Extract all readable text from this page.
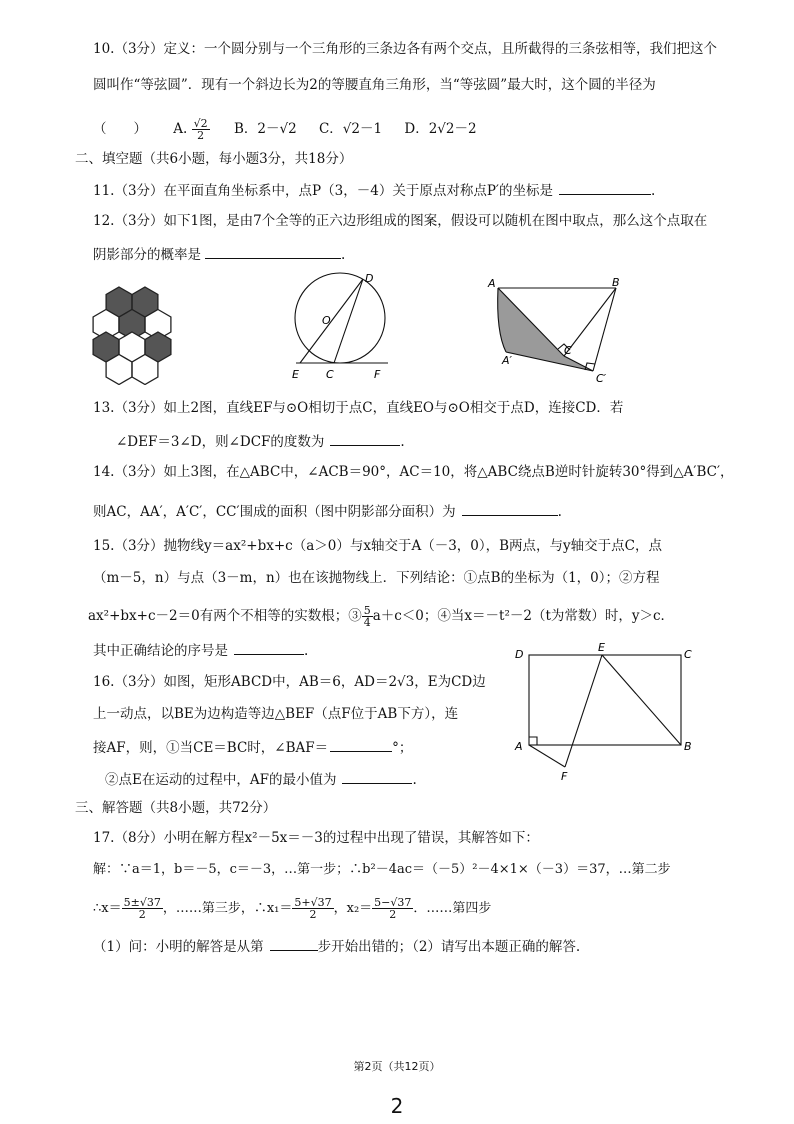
10.（3分）定义：一个圆分别与一个三角形的三条边各有两个交点，且所截得的三条弦相等，我们把这个
圆叫作“等弦圆”．现有一个斜边长为2的等腰直角三角形，当“等弦圆”最大时，这个圆的半径为
（　　） A. $\frac{√2}{2}$ B．2－√2 C．√2－1 D．2√2－2
二、填空题（共6小题，每小题3分，共18分）
11.（3分）在平面直角坐标系中，点P（3，－4）关于原点对称点P′的坐标是	.
12.（3分）如下1图，是由7个全等的正六边形组成的图案，假设可以随机在图中取点，那么这个点取在
阴影部分的概率是	.
D
O
E C	F
A	B
C
A′
C′
13.（3分）如上2图，直线EF与⊙O相切于点C，直线EO与⊙O相交于点D，连接CD．若
∠DEF＝3∠D，则∠DCF的度数为	.
14.（3分）如上3图，在△ABC中，∠ACB＝90°，AC＝10，将△ABC绕点B逆时针旋转30°得到△A′BC′，
则AC，AA′，A′C′，CC′围成的面积（图中阴影部分面积）为	.
15.（3分）抛物线y＝ax²+bx+c（a＞0）与x轴交于A（－3，0），B两点，与y轴交于点C，点
（m－5，n）与点（3－m，n）也在该抛物线上．下列结论：①点B的坐标为（1，0）；②方程
ax²+bx+c－2＝0有两个不相等的实数根；③ $\frac{5}{4} a+c<0$；④当x＝－t²－2（t为常数）时，y＞c．
其中正确结论的序号是	.
16.（3分）如图，矩形ABCD中，AB＝6，AD＝2√3，E为CD边
上一动点，以BE为边构造等边△BEF（点F位于AB下方），连
接AF，则，①当CE＝BC时，∠BAF＝	°；
②点E在运动的过程中，AF的最小值为	.
D
E
C
A	B
F
三、解答题（共8小题，共72分）
17.（8分）小明在解方程x²－5x＝－3的过程中出现了错误，其解答如下：
解：∵a＝1，b＝－5，c＝－3，…第一步；∴b²－4ac＝（－5）²－4×1×（－3）＝37，…第二步
∴x＝ $\frac{5\pm√37}{2}$ ，……第三步，∴x₁＝ $\frac{5+√37}{2}$ ，$x_2= \frac{5-√37}{2}$ ．……第四步
（1）问：小明的解答是从第	步开始出错的；（2）请写出本题正确的解答.
第2页（共12页）
2
